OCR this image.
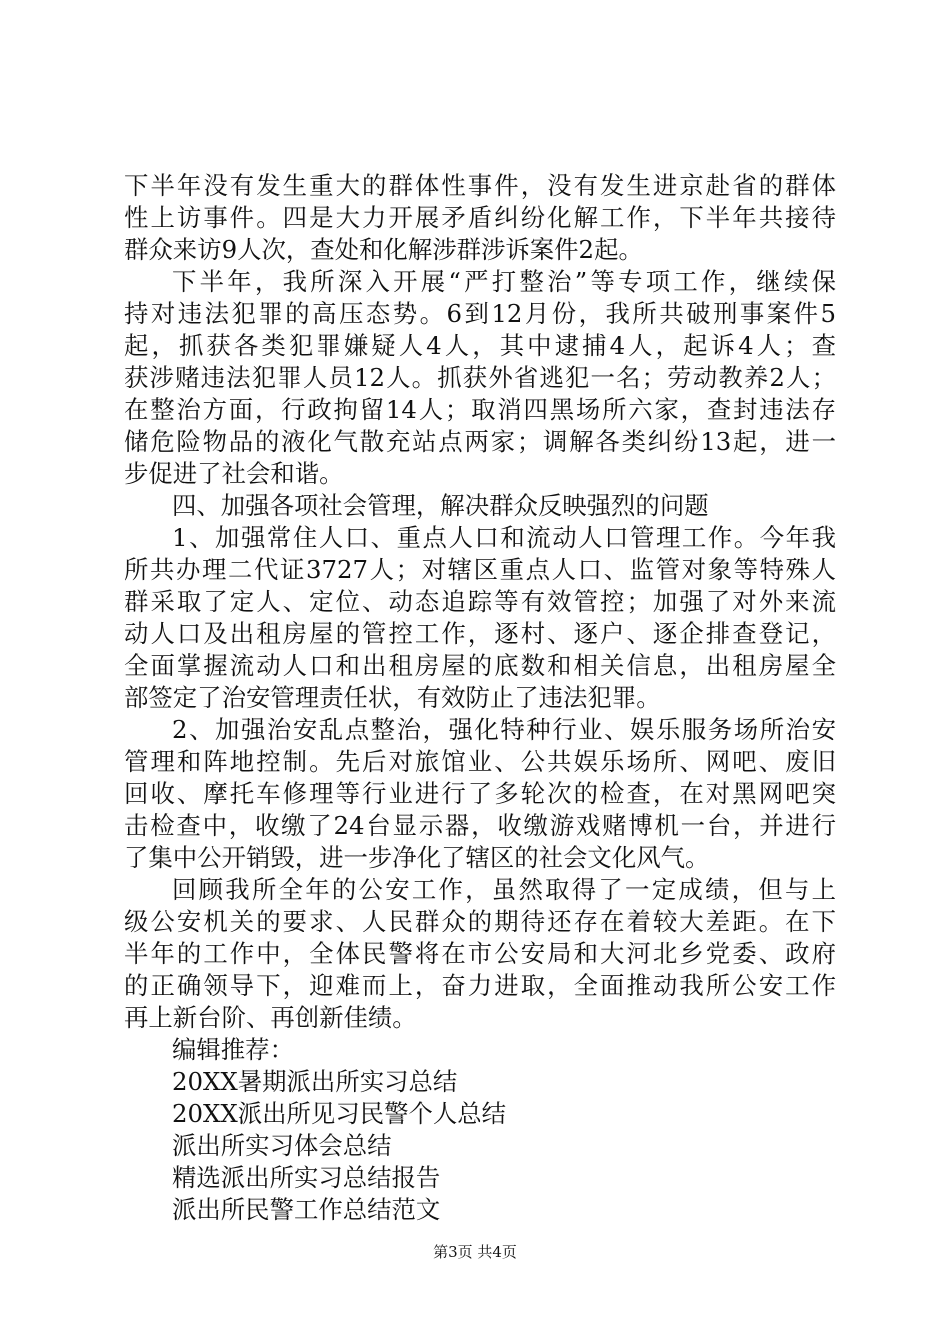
下半年没有发生重大的群体性事件，没有发生进京赴省的群体
性上访事件。四是大力开展矛盾纠纷化解工作，下半年共接待
群众来访9人次，查处和化解涉群涉诉案件2起。
下半年，我所深入开展“严打整治”等专项工作，继续保
持对违法犯罪的高压态势。6到12月份，我所共破刑事案件5
起，抓获各类犯罪嫌疑人4人，其中逮捕4人，起诉4人；查
获涉赌违法犯罪人员12人。抓获外省逃犯一名；劳动教养2人；
在整治方面，行政拘留14人；取消四黑场所六家，查封违法存
储危险物品的液化气散充站点两家；调解各类纠纷13起，进一
步促进了社会和谐。
四、加强各项社会管理，解决群众反映强烈的问题
1、加强常住人口、重点人口和流动人口管理工作。今年我
所共办理二代证3727人；对辖区重点人口、监管对象等特殊人
群采取了定人、定位、动态追踪等有效管控；加强了对外来流
动人口及出租房屋的管控工作，逐村、逐户、逐企排查登记，
全面掌握流动人口和出租房屋的底数和相关信息，出租房屋全
部签定了治安管理责任状，有效防止了违法犯罪。
2、加强治安乱点整治，强化特种行业、娱乐服务场所治安
管理和阵地控制。先后对旅馆业、公共娱乐场所、网吧、废旧
回收、摩托车修理等行业进行了多轮次的检查，在对黑网吧突
击检查中，收缴了24台显示器，收缴游戏赌博机一台，并进行
了集中公开销毁，进一步净化了辖区的社会文化风气。
回顾我所全年的公安工作，虽然取得了一定成绩，但与上
级公安机关的要求、人民群众的期待还存在着较大差距。在下
半年的工作中，全体民警将在市公安局和大河北乡党委、政府
的正确领导下，迎难而上，奋力进取，全面推动我所公安工作
再上新台阶、再创新佳绩。
编辑推荐：
20XX暑期派出所实习总结
20XX派出所见习民警个人总结
派出所实习体会总结
精选派出所实习总结报告
派出所民警工作总结范文
第3页 共4页
